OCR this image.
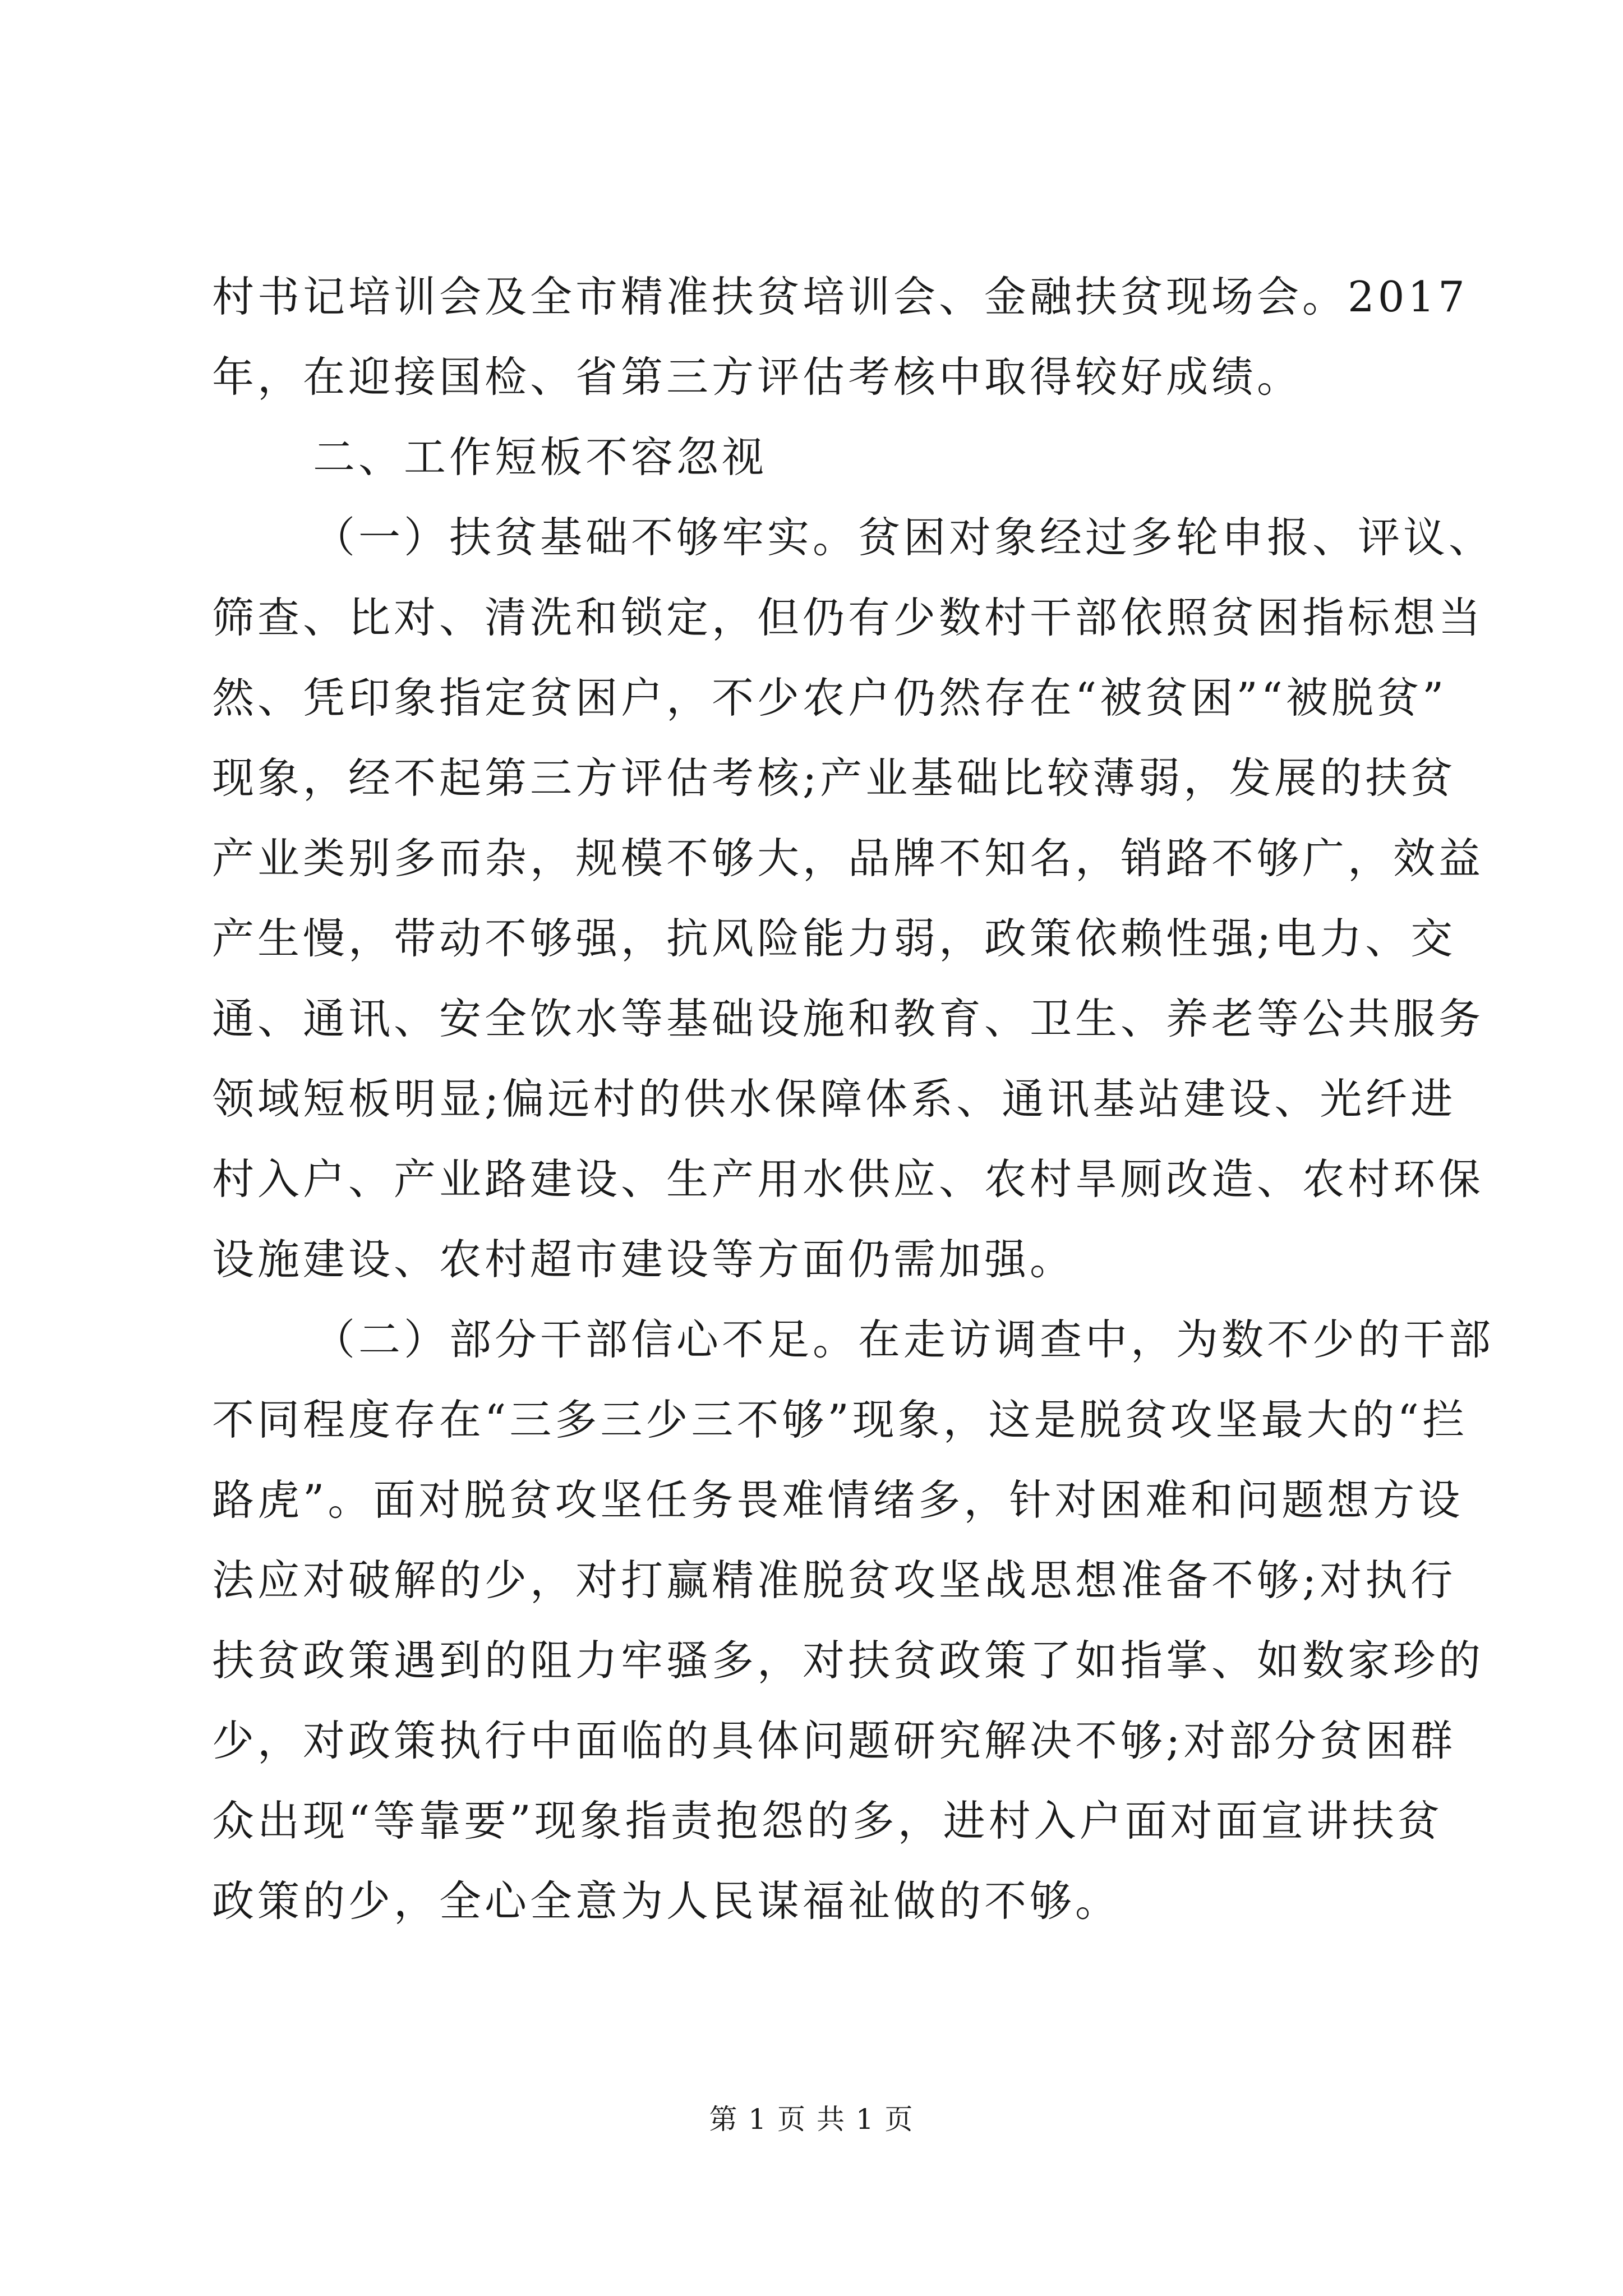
村书记培训会及全市精准扶贫培训会、金融扶贫现场会。2017
年，在迎接国检、省第三方评估考核中取得较好成绩。
二、工作短板不容忽视
（一）扶贫基础不够牢实。贫困对象经过多轮申报、评议、
筛查、比对、清洗和锁定，但仍有少数村干部依照贫困指标想当
然、凭印象指定贫困户，不少农户仍然存在“被贫困”“被脱贫”
现象，经不起第三方评估考核;产业基础比较薄弱，发展的扶贫
产业类别多而杂，规模不够大，品牌不知名，销路不够广，效益
产生慢，带动不够强，抗风险能力弱，政策依赖性强;电力、交
通、通讯、安全饮水等基础设施和教育、卫生、养老等公共服务
领域短板明显;偏远村的供水保障体系、通讯基站建设、光纤进
村入户、产业路建设、生产用水供应、农村旱厕改造、农村环保
设施建设、农村超市建设等方面仍需加强。
（二）部分干部信心不足。在走访调查中，为数不少的干部
不同程度存在“三多三少三不够”现象，这是脱贫攻坚最大的“拦
路虎”。面对脱贫攻坚任务畏难情绪多，针对困难和问题想方设
法应对破解的少，对打赢精准脱贫攻坚战思想准备不够;对执行
扶贫政策遇到的阻力牢骚多，对扶贫政策了如指掌、如数家珍的
少，对政策执行中面临的具体问题研究解决不够;对部分贫困群
众出现“等靠要”现象指责抱怨的多，进村入户面对面宣讲扶贫
政策的少，全心全意为人民谋福祉做的不够。
第 1 页 共 1 页
